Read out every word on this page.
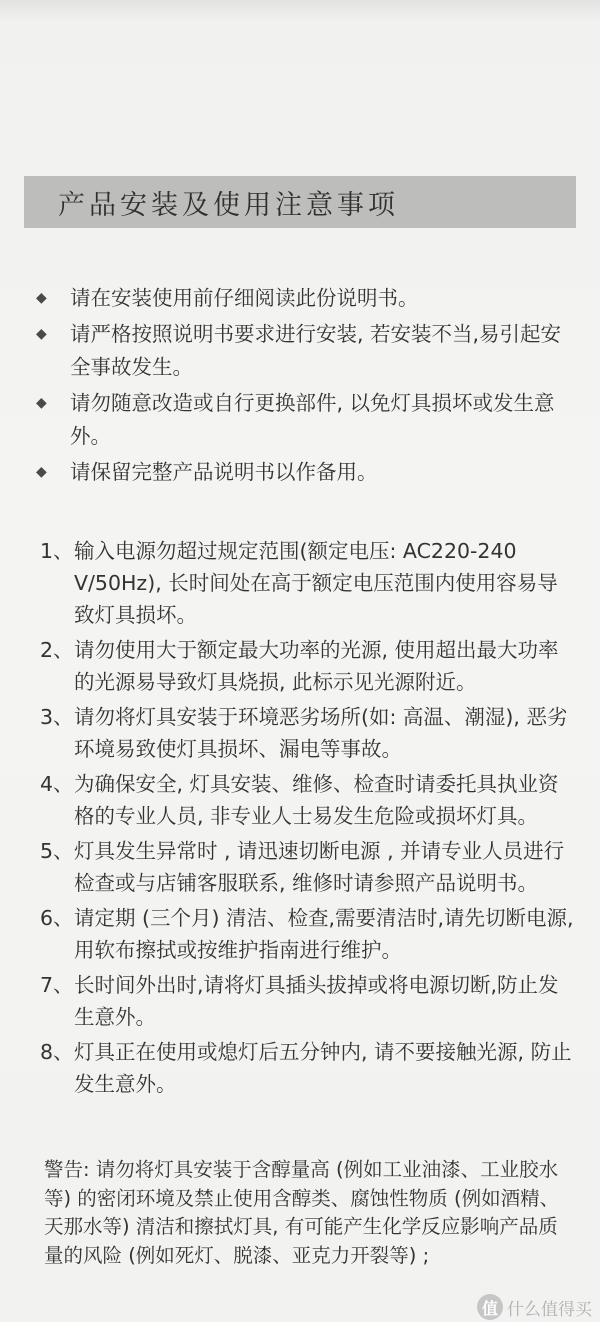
产品安装及使用注意事项
◆	请在安装使用前仔细阅读此份说明书。
◆	请严格按照说明书要求进行安装, 若安装不当,易引起安全事故发生。
◆	请勿随意改造或自行更换部件, 以免灯具损坏或发生意外。
◆	请保留完整产品说明书以作备用。
1、 输入电源勿超过规定范围(额定电压: AC220-240 V/50Hz), 长时间处在高于额定电压范围内使用容易导致灯具损坏。
2、 请勿使用大于额定最大功率的光源, 使用超出最大功率的光源易导致灯具烧损, 此标示见光源附近。
3、 请勿将灯具安装于环境恶劣场所(如: 高温、潮湿), 恶劣环境易致使灯具损坏、漏电等事故。
4、 为确保安全, 灯具安装、维修、检查时请委托具执业资格的专业人员, 非专业人士易发生危险或损坏灯具。
5、 灯具发生异常时 , 请迅速切断电源 , 并请专业人员进行检查或与店铺客服联系, 维修时请参照产品说明书。
6、 请定期 (三个月) 清洁、检查,需要清洁时,请先切断电源, 用软布擦拭或按维护指南进行维护。
7、 长时间外出时,请将灯具插头拔掉或将电源切断,防止发生意外。
8、 灯具正在使用或熄灯后五分钟内, 请不要接触光源, 防止发生意外。
警告: 请勿将灯具安装于含醇量高 (例如工业油漆、工业胶水等) 的密闭环境及禁止使用含醇类、腐蚀性物质 (例如酒精、天那水等) 清洁和擦拭灯具, 有可能产生化学反应影响产品质量的风险 (例如死灯、脱漆、亚克力开裂等) ;
值 什么值得买
